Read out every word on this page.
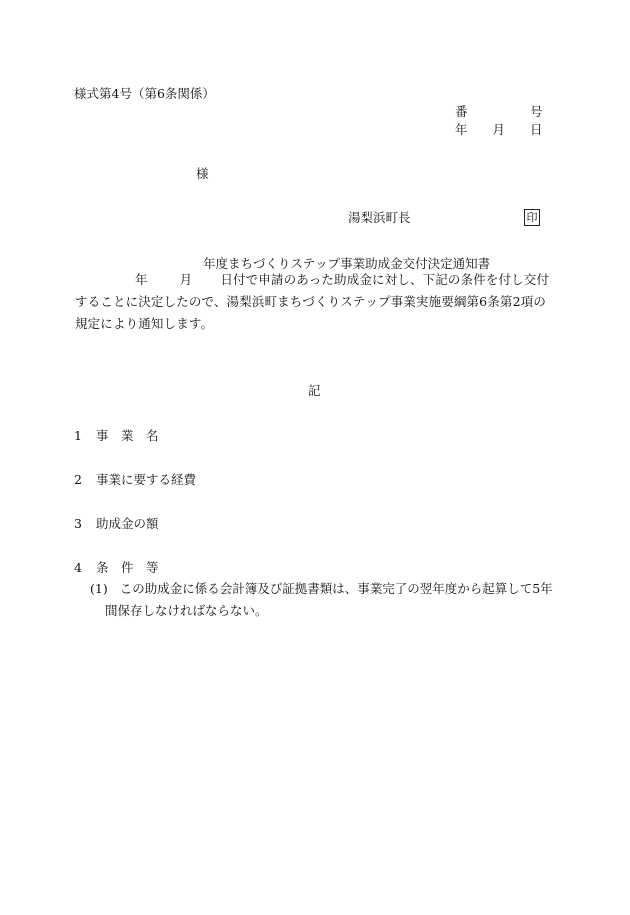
様式第4号（第6条関係）
番　　　　　号
年　　月　　日
様
湯梨浜町長	印
年度まちづくりステップ事業助成金交付決定通知書
年	月 日付で申請のあった助成金に対し、下記の条件を付し交付することに決定したので、湯梨浜町まちづくりステップ事業実施要綱第6条第2項の規定により通知します。
記
1 事　業　名
2 事業に要する経費
3 助成金の額
4 条　件　等
(1) この助成金に係る会計簿及び証拠書類は、事業完了の翌年度から起算して5年間保存しなければならない。
